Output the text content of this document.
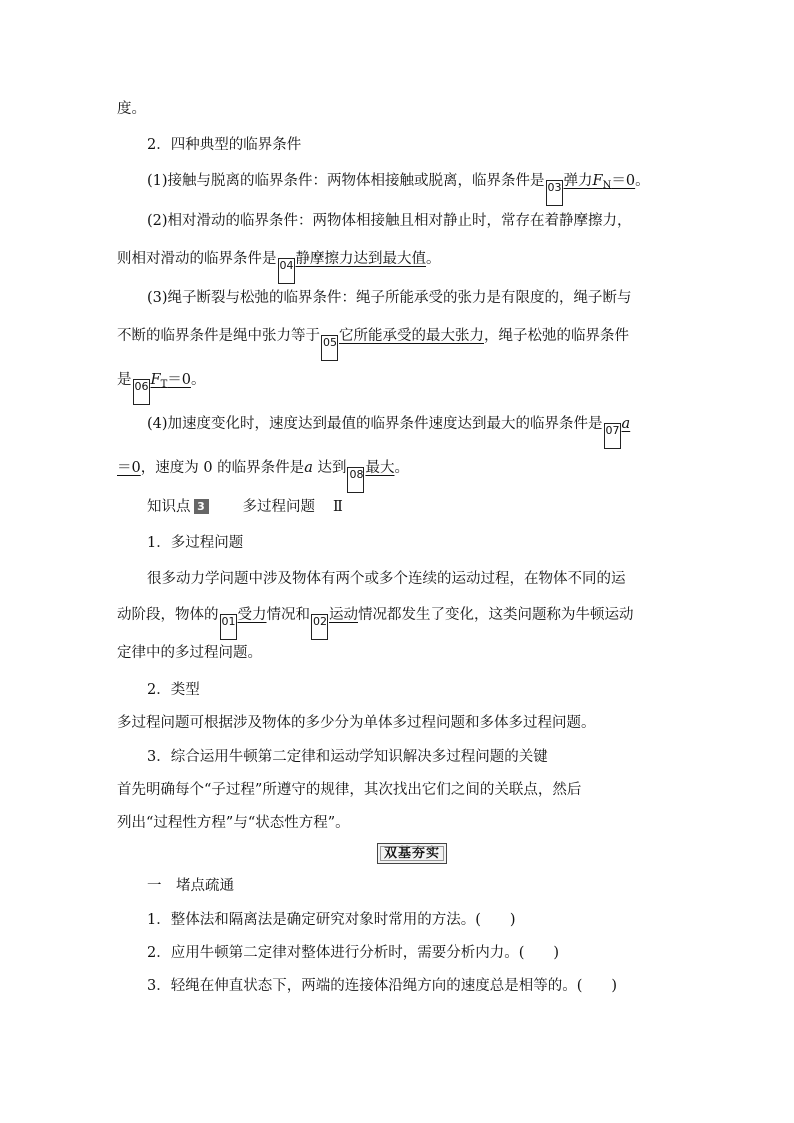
度。
2．四种典型的临界条件
(1)接触与脱离的临界条件：两物体相接触或脱离，临界条件是 03 弹力$F_N=0$。
(2)相对滑动的临界条件：两物体相接触且相对静止时，常存在着静摩擦力，
则相对滑动的临界条件是 04 静摩擦力达到最大值。
(3)绳子断裂与松弛的临界条件：绳子所能承受的张力是有限度的，绳子断与
不断的临界条件是绳中张力等于 05 它所能承受的最大张力，绳子松弛的临界条件
是 06 $F_T=0$。
(4)加速度变化时，速度达到最值的临界条件速度达到最大的临界条件是 07 a
＝0，速度为 0 的临界条件是a 达到 08 最大。
知识点 3	多过程问题 Ⅱ
1．多过程问题
很多动力学问题中涉及物体有两个或多个连续的运动过程，在物体不同的运
动阶段，物体的 01 受力情况和 02 运动情况都发生了变化，这类问题称为牛顿运动
定律中的多过程问题。
2．类型
多过程问题可根据涉及物体的多少分为单体多过程问题和多体多过程问题。
3．综合运用牛顿第二定律和运动学知识解决多过程问题的关键
首先明确每个“子过程”所遵守的规律，其次找出它们之间的关联点，然后
列出“过程性方程”与“状态性方程”。
双基夯实
一　堵点疏通
1．整体法和隔离法是确定研究对象时常用的方法。(　　)
2．应用牛顿第二定律对整体进行分析时，需要分析内力。(　　)
3．轻绳在伸直状态下，两端的连接体沿绳方向的速度总是相等的。(　　)
